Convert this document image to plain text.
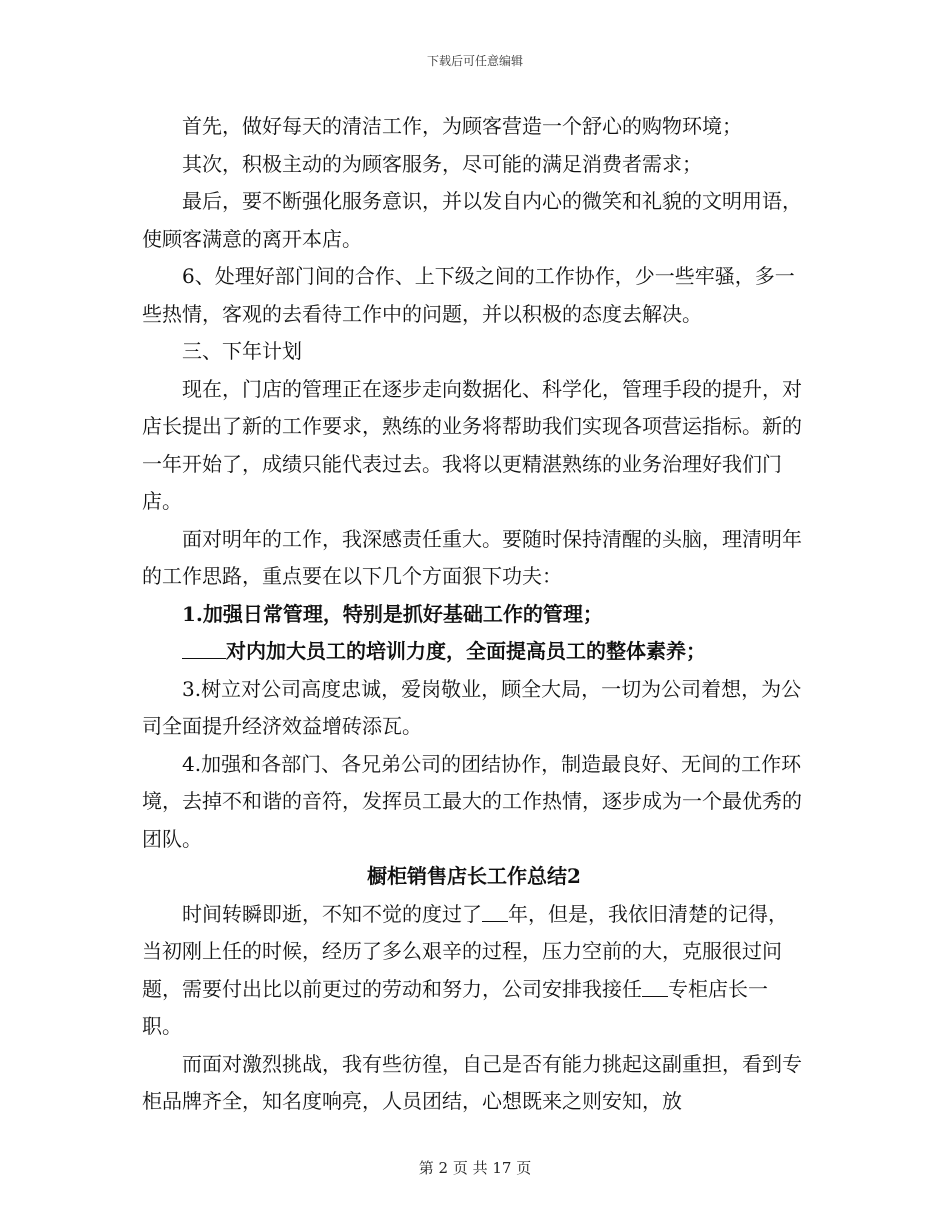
下载后可任意编辑

首先，做好每天的清洁工作，为顾客营造一个舒心的购物环境；

其次，积极主动的为顾客服务，尽可能的满足消费者需求；

最后，要不断强化服务意识，并以发自内心的微笑和礼貌的文明用语，使顾客满意的离开本店。

6、处理好部门间的合作、上下级之间的工作协作，少一些牢骚，多一些热情，客观的去看待工作中的问题，并以积极的态度去解决。

三、下年计划

现在，门店的管理正在逐步走向数据化、科学化，管理手段的提升，对店长提出了新的工作要求，熟练的业务将帮助我们实现各项营运指标。新的一年开始了，成绩只能代表过去。我将以更精湛熟练的业务治理好我们门店。

面对明年的工作，我深感责任重大。要随时保持清醒的头脑，理清明年的工作思路，重点要在以下几个方面狠下功夫：

1.加强日常管理，特别是抓好基础工作的管理；

对内加大员工的培训力度，全面提高员工的整体素养；

3.树立对公司高度忠诚，爱岗敬业，顾全大局，一切为公司着想，为公司全面提升经济效益增砖添瓦。

4.加强和各部门、各兄弟公司的团结协作，制造最良好、无间的工作环境，去掉不和谐的音符，发挥员工最大的工作热情，逐步成为一个最优秀的团队。

橱柜销售店长工作总结2

时间转瞬即逝，不知不觉的度过了 年，但是，我依旧清楚的记得，当初刚上任的时候，经历了多么艰辛的过程，压力空前的大，克服很过问题，需要付出比以前更过的劳动和努力，公司安排我接任 专柜店长一职。

而面对激烈挑战，我有些彷徨，自己是否有能力挑起这副重担，看到专柜品牌齐全，知名度响亮，人员团结，心想既来之则安知，放

第 2 页 共 17 页
